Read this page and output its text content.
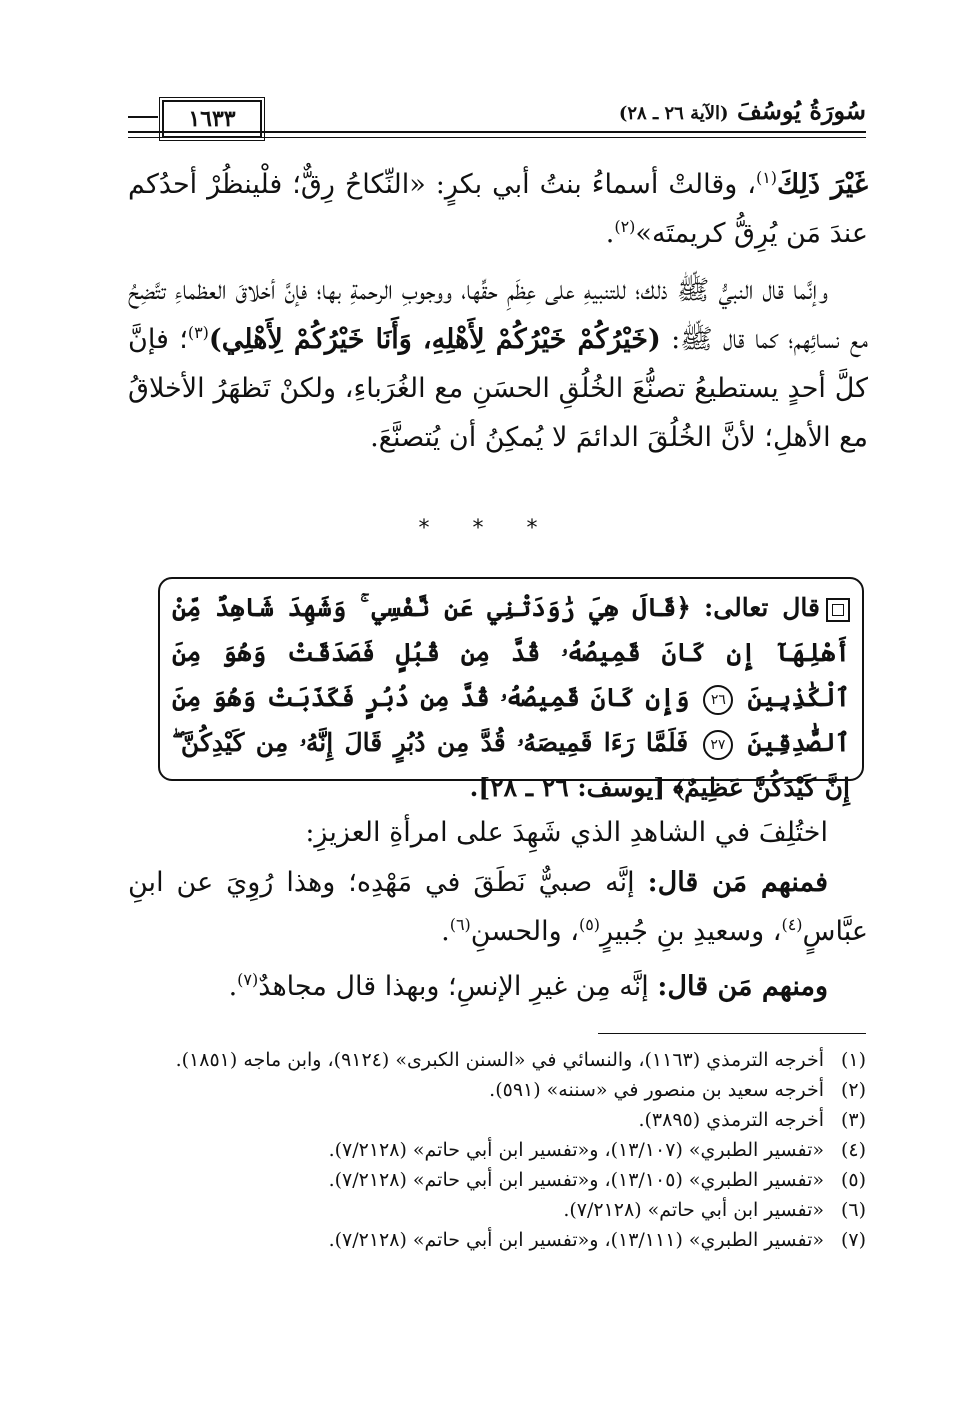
سُورَةُ يُوسُفَ (الآية ٢٦ ـ ٢٨)
١٦٣٣
غَيْرَ ذَلِكَ$^{(١)}$، وقالتْ أسماءُ بنتُ أبي بكرٍ: «النِّكاحُ رِقٌّ؛ فلْينظُرْ أحدُكم عندَ مَن يُرِقُّ كريمتَه»$^{(٢)}$.
وإنَّما قال النبيُّ ﷺ ذلك؛ للتنبيهِ على عِظَمِ حقِّها، ووجوبِ الرحمةِ بها؛ فإنَّ أخلاقَ العظماءِ تتَّضِحُ مع نسائِهم؛ كما قال ﷺ: (خَيْرُكُمْ خَيْرُكُمْ لِأَهْلِهِ، وَأَنَا خَيْرُكُمْ لِأَهْلِي)$^{(٣)}$؛ فإنَّ كلَّ أحدٍ يستطيعُ تصنُّعَ الخُلُقِ الحسَنِ مع الغُرَباءِ، ولكنْ تَظهَرُ الأخلاقُ مع الأهلِ؛ لأنَّ الخُلُقَ الدائمَ لا يُمكِنُ أن يُتصنَّعَ.
* * *
قال تعالى: ﴿قَالَ هِيَ رَٰوَدَتْنِي عَن نَّفْسِي ۚ وَشَهِدَ شَاهِدٌ مِّنْ أَهْلِهَآ إِن كَانَ قَمِيصُهُۥ قُدَّ مِن قُبُلٍ فَصَدَقَتْ وَهُوَ مِنَ ٱلْكَٰذِبِينَ ٢٦ وَإِن كَانَ قَمِيصُهُۥ قُدَّ مِن دُبُرٍ فَكَذَبَتْ وَهُوَ مِنَ ٱلصَّٰدِقِينَ ٢٧ فَلَمَّا رَءَا قَمِيصَهُۥ قُدَّ مِن دُبُرٍ قَالَ إِنَّهُۥ مِن كَيْدِكُنَّ ۖ إِنَّ كَيْدَكُنَّ عَظِيمٌ﴾ [يوسف: ٢٦ ـ ٢٨].
اختُلِفَ في الشاهدِ الذي شَهِدَ على امرأةِ العزيزِ:
فمنهم مَن قال: إنَّه صبيٌّ نَطَقَ في مَهْدِه؛ وهذا رُوِيَ عن ابنِ عبَّاسٍ$^{(٤)}$، وسعيدِ بنِ جُبيرٍ$^{(٥)}$، والحسنِ$^{(٦)}$.
ومنهم مَن قال: إنَّه مِن غيرِ الإنسِ؛ وبهذا قال مجاهدٌ$^{(٧)}$.
(١)
أخرجه الترمذي (١١٦٣)، والنسائي في «السنن الكبرى» (٩١٢٤)، وابن ماجه (١٨٥١).
(٢)
أخرجه سعيد بن منصور في «سننه» (٥٩١).
(٣)
أخرجه الترمذي (٣٨٩٥).
(٤)
«تفسير الطبري» (١٣/١٠٧)، و«تفسير ابن أبي حاتم» (٧/٢١٢٨).
(٥)
«تفسير الطبري» (١٣/١٠٥)، و«تفسير ابن أبي حاتم» (٧/٢١٢٨).
(٦)
«تفسير ابن أبي حاتم» (٧/٢١٢٨).
(٧)
«تفسير الطبري» (١٣/١١١)، و«تفسير ابن أبي حاتم» (٧/٢١٢٨).
